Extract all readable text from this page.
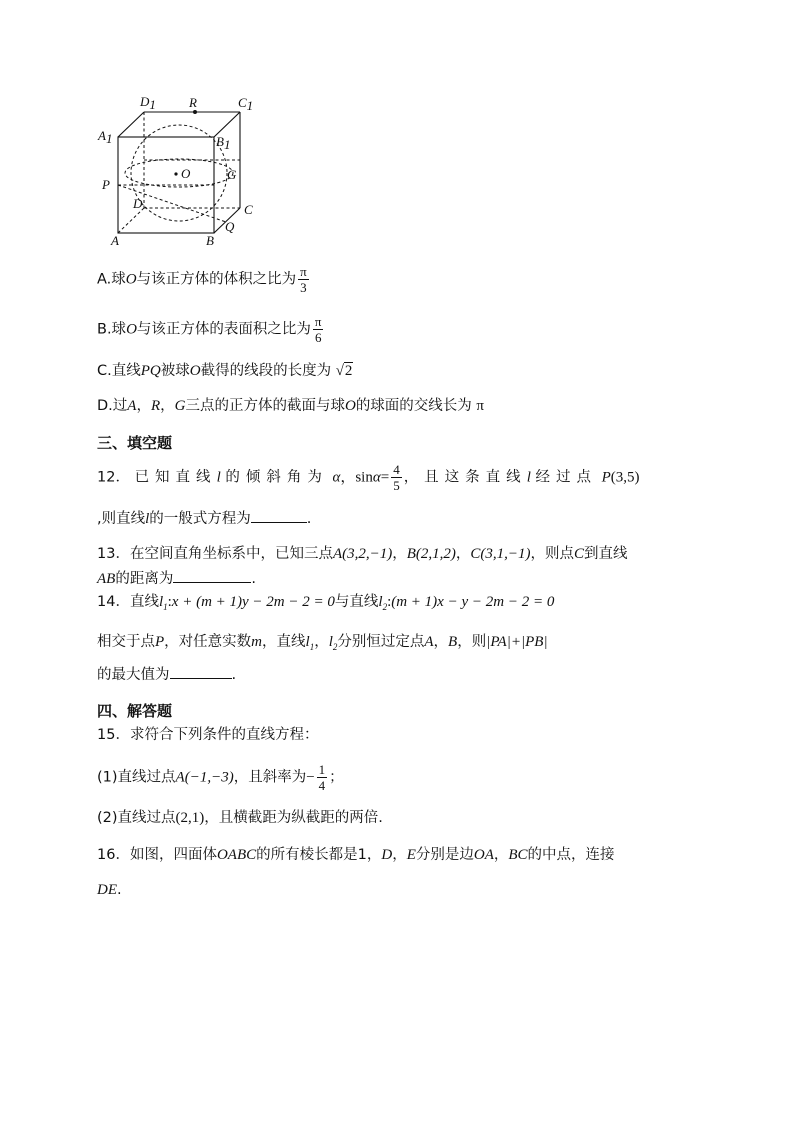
D1	R	C1
A1	B1
O	G
P
D	C
A	B
Q
A.球O与该正方体的体积之比为 $\frac{\pi}{3}$
B.球O与该正方体的表面积之比为 $\frac{\pi}{6}$
C.直线PQ被球O截得的线段的长度为 √2
D.过A，R，G三点的正方体的截面与球O的球面的交线长为 π
三、填空题
12． 已知直线l 的倾斜角为 α，$\sin\alpha= \frac{4}{5}$ ，且这条直线l 经过点 P(3,5)
,则直线l的一般式方程为	.
13．在空间直角坐标系中，已知三点A(3,2,−1)，B(2,1,2)，C(3,1,−1)，则点C到直线
AB的距离为	.
14．直线$l_1:x + (m + 1)y - 2m - 2 = 0$与直线$l_2:(m + 1)x - y - 2m - 2 = 0$
相交于点P，对任意实数m，直线$l_1$，$l_2$分别恒过定点A，B，则|PA|+|PB|
的最大值为	.
四、解答题
15．求符合下列条件的直线方程：
(1)直线过点A(−1,−3)，且斜率为− $\frac{1}{4}$ ；
(2)直线过点(2,1)，且横截距为纵截距的两倍.
16．如图，四面体OABC的所有棱长都是1，D，E分别是边OA，BC的中点，连接
DE.
